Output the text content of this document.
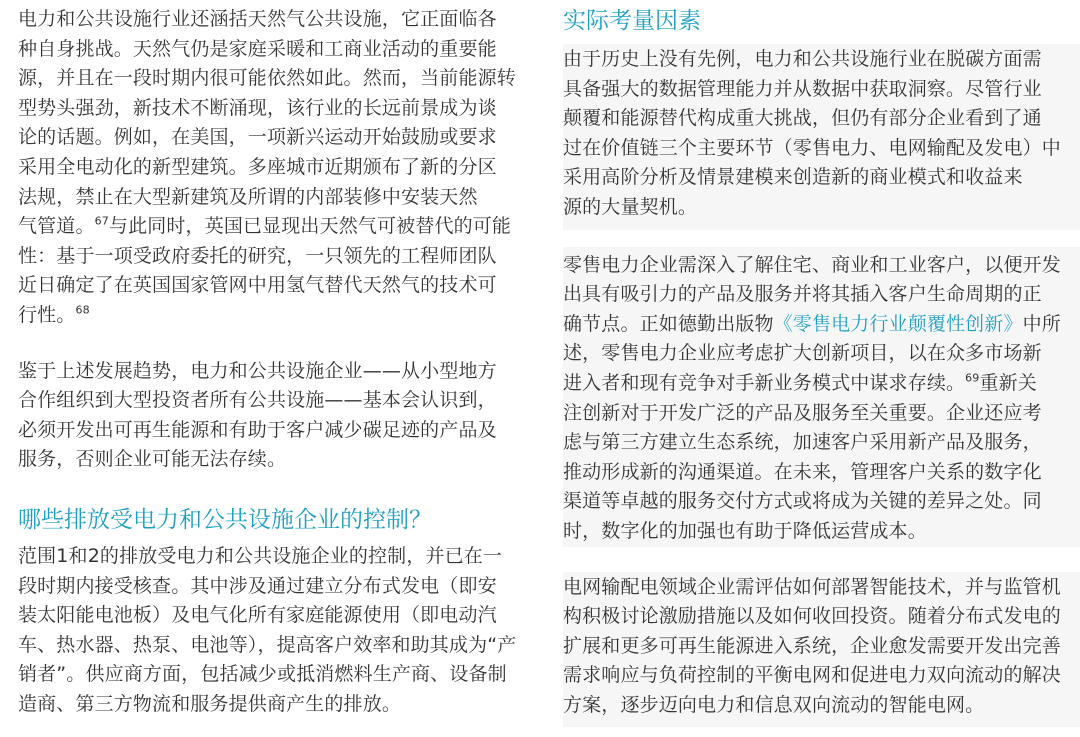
电力和公共设施行业还涵括天然气公共设施，它正面临各
种自身挑战。天然气仍是家庭采暖和工商业活动的重要能
源，并且在一段时期内很可能依然如此。然而，当前能源转
型势头强劲，新技术不断涌现，该行业的长远前景成为谈
论的话题。例如，在美国，一项新兴运动开始鼓励或要求
采用全电动化的新型建筑。多座城市近期颁布了新的分区
法规，禁止在大型新建筑及所谓的内部装修中安装天然
气管道。$^{67}$与此同时，英国已显现出天然气可被替代的可能
性：基于一项受政府委托的研究，一只领先的工程师团队
近日确定了在英国国家管网中用氢气替代天然气的技术可
行性。$^{68}$

鉴于上述发展趋势，电力和公共设施企业——从小型地方
合作组织到大型投资者所有公共设施——基本会认识到，
必须开发出可再生能源和有助于客户减少碳足迹的产品及
服务，否则企业可能无法存续。

哪些排放受电力和公共设施企业的控制？

范围1和2的排放受电力和公共设施企业的控制，并已在一
段时期内接受核查。其中涉及通过建立分布式发电（即安
装太阳能电池板）及电气化所有家庭能源使用（即电动汽
车、热水器、热泵、电池等），提高客户效率和助其成为“产
销者”。供应商方面，包括减少或抵消燃料生产商、设备制
造商、第三方物流和服务提供商产生的排放。

实际考量因素

由于历史上没有先例，电力和公共设施行业在脱碳方面需
具备强大的数据管理能力并从数据中获取洞察。尽管行业
颠覆和能源替代构成重大挑战，但仍有部分企业看到了通
过在价值链三个主要环节（零售电力、电网输配及发电）中
采用高阶分析及情景建模来创造新的商业模式和收益来
源的大量契机。

零售电力企业需深入了解住宅、商业和工业客户，以便开发
出具有吸引力的产品及服务并将其插入客户生命周期的正
确节点。正如德勤出版物《零售电力行业颠覆性创新》中所
述，零售电力企业应考虑扩大创新项目，以在众多市场新
进入者和现有竞争对手新业务模式中谋求存续。$^{69}$重新关
注创新对于开发广泛的产品及服务至关重要。企业还应考
虑与第三方建立生态系统，加速客户采用新产品及服务，
推动形成新的沟通渠道。在未来，管理客户关系的数字化
渠道等卓越的服务交付方式或将成为关键的差异之处。同
时，数字化的加强也有助于降低运营成本。

电网输配电领域企业需评估如何部署智能技术，并与监管机
构积极讨论激励措施以及如何收回投资。随着分布式发电的
扩展和更多可再生能源进入系统，企业愈发需要开发出完善
需求响应与负荷控制的平衡电网和促进电力双向流动的解决
方案，逐步迈向电力和信息双向流动的智能电网。
